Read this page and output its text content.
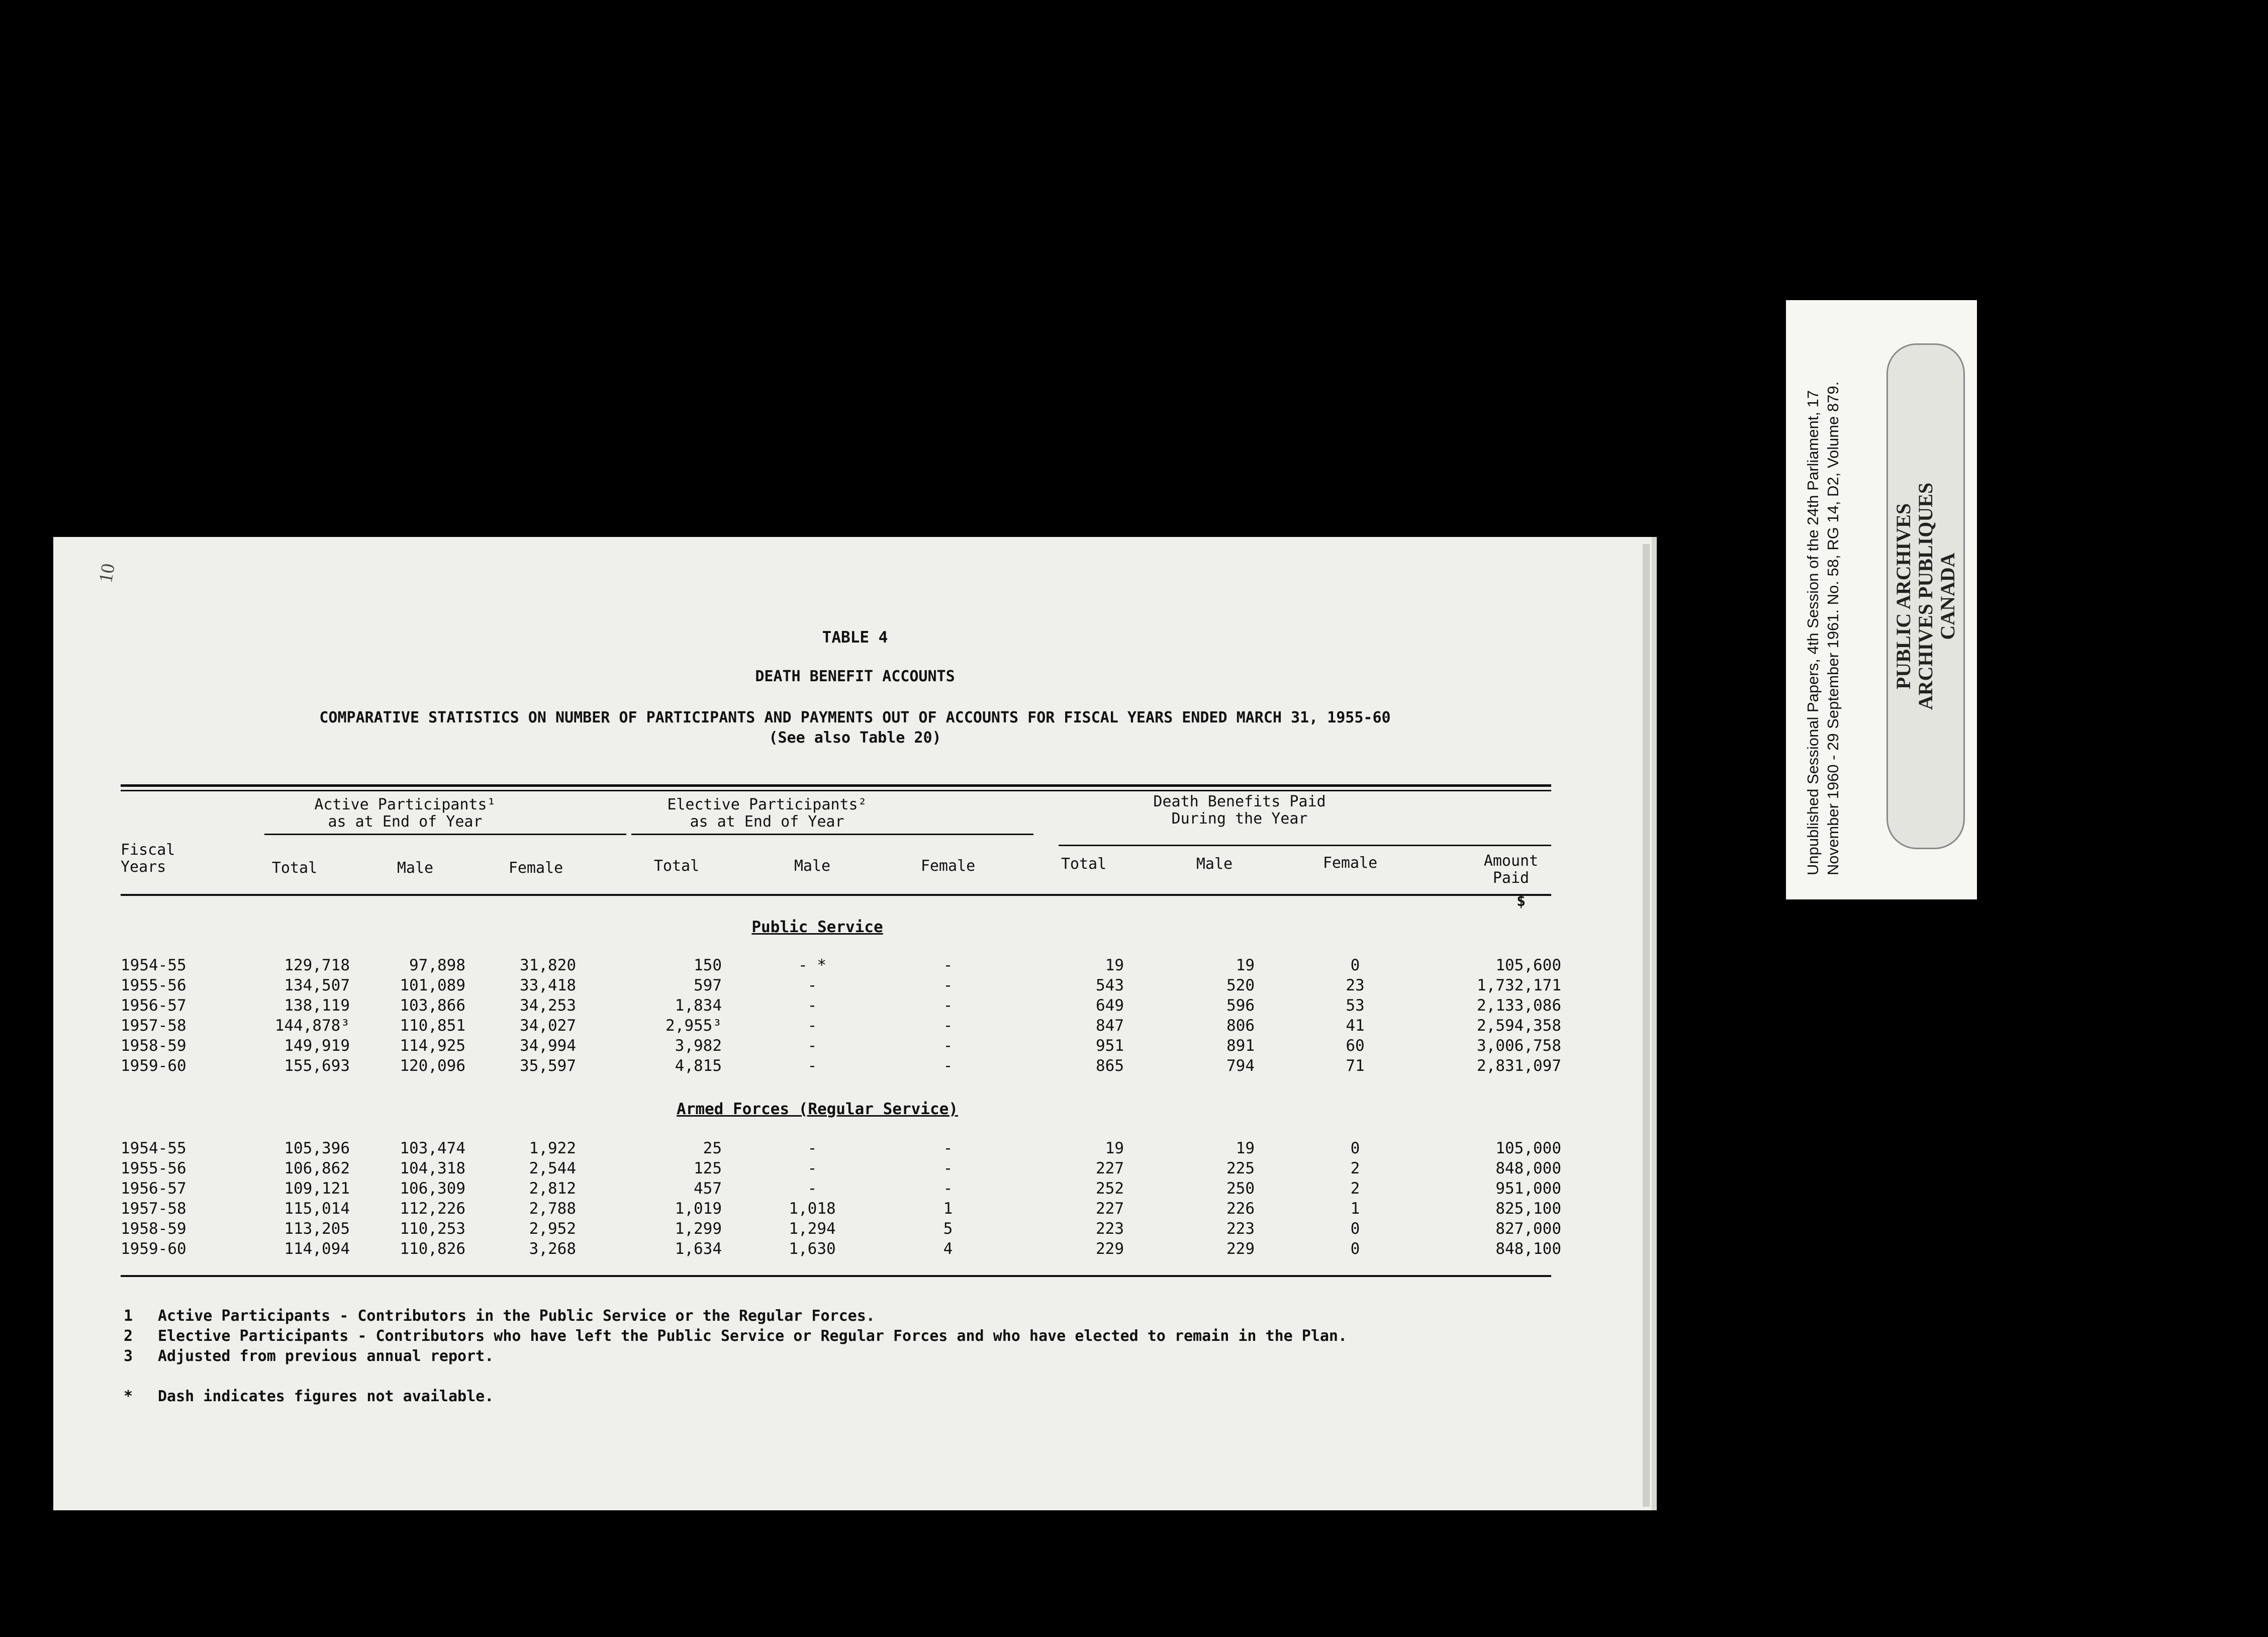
10
TABLE 4
DEATH BENEFIT ACCOUNTS
COMPARATIVE STATISTICS ON NUMBER OF PARTICIPANTS AND PAYMENTS OUT OF ACCOUNTS FOR FISCAL YEARS ENDED MARCH 31, 1955-60
(See also Table 20)
Active Participants¹
as at End of Year
Elective Participants²
as at End of Year
Death Benefits Paid
During the Year
Fiscal
Years	Total	Male	Female	Total	Male	Female	Total	Male	Female	Amount
Paid
$
Public Service
Armed Forces (Regular Service)
1954-55	129,718	97,898	31,820	150	- *	-	19	19	0	105,600
1955-56	134,507	101,089	33,418	597	-	-	543	520	23	1,732,171
1956-57	138,119	103,866	34,253	1,834	-	-	649	596	53	2,133,086
1957-58	144,878³	110,851	34,027	2,955³	-	-	847	806	41	2,594,358
1958-59	149,919	114,925	34,994	3,982	-	-	951	891	60	3,006,758
1959-60	155,693	120,096	35,597	4,815	-	-	865	794	71	2,831,097
1954-55	105,396	103,474	1,922	25	-	-	19	19	0	105,000
1955-56	106,862	104,318	2,544	125	-	-	227	225	2	848,000
1956-57	109,121	106,309	2,812	457	-	-	252	250	2	951,000
1957-58	115,014	112,226	2,788	1,019	1,018	1	227	226	1	825,100
1958-59	113,205	110,253	2,952	1,299	1,294	5	223	223	0	827,000
1959-60	114,094	110,826	3,268	1,634	1,630	4	229	229	0	848,100
1 Active Participants - Contributors in the Public Service or the Regular Forces.
2 Elective Participants - Contributors who have left the Public Service or Regular Forces and who have elected to remain in the Plan.
3 Adjusted from previous annual report.
* Dash indicates figures not available.
Unpublished Sessional Papers, 4th Session of the 24th Parliament, 17 November 1960 - 29 September 1961. No. 58, RG 14, D2, Volume 879.	PUBLIC ARCHIVES ARCHIVES PUBLIQUES CANADA
